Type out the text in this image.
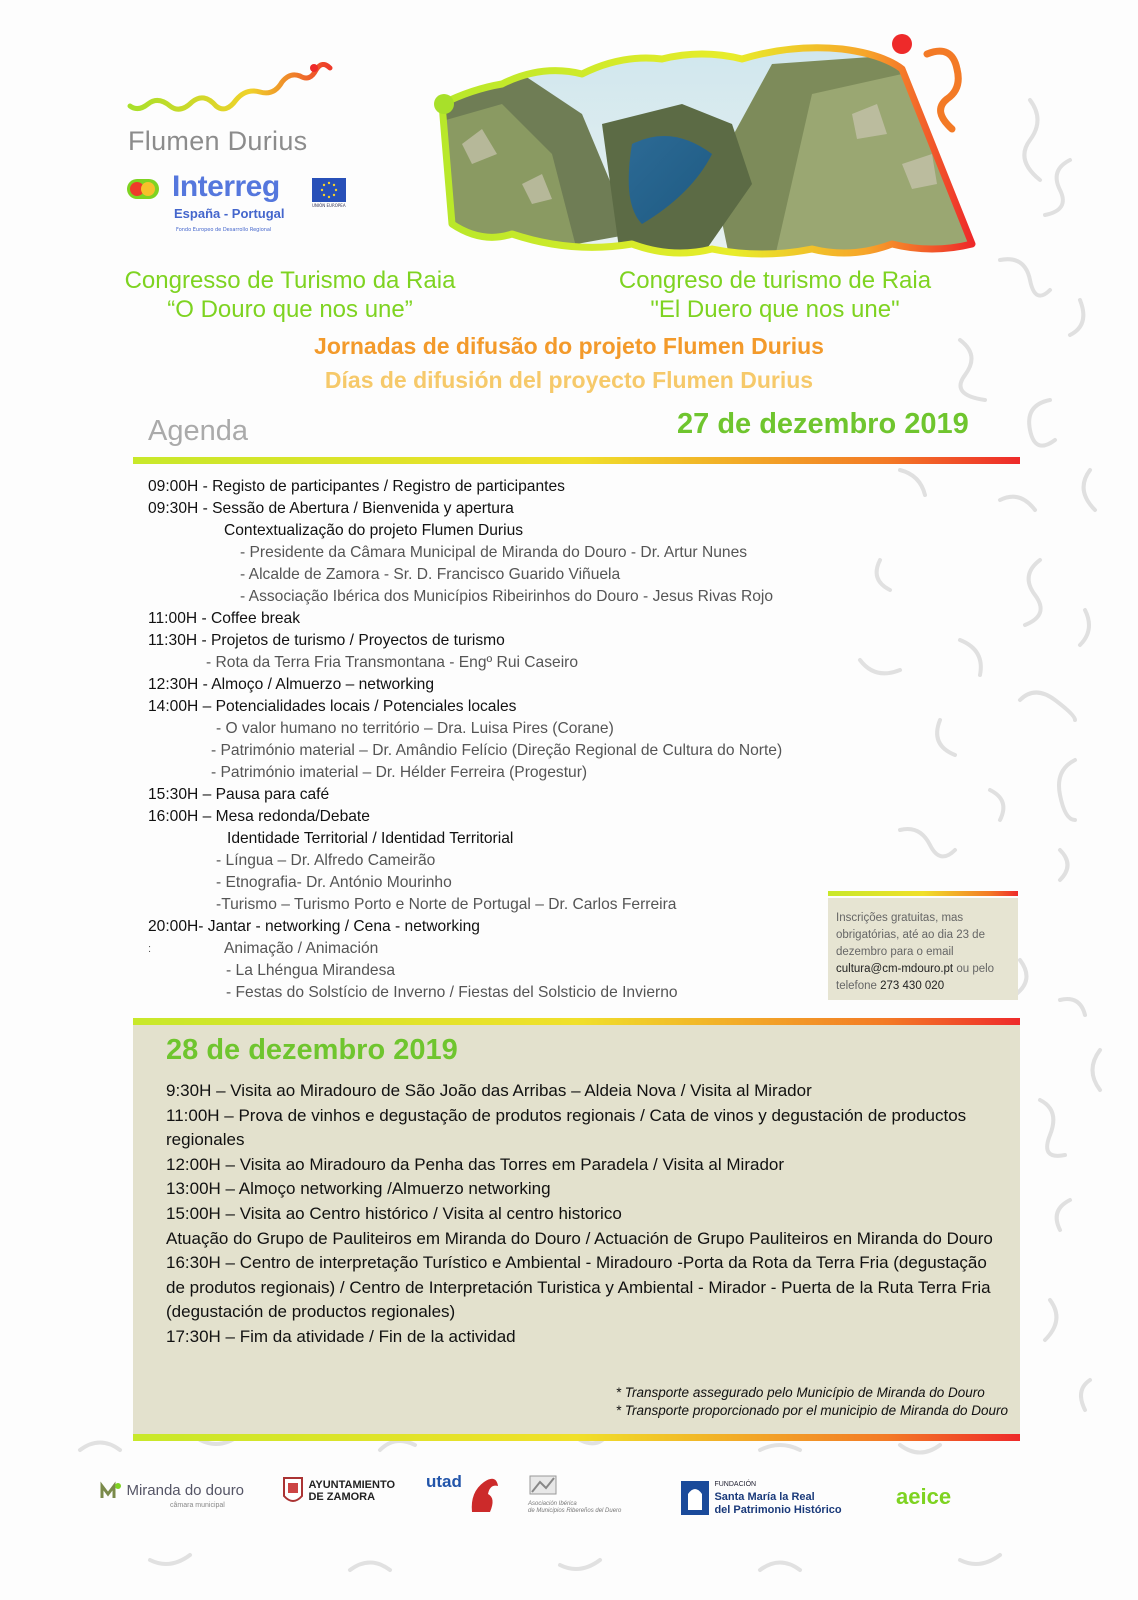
Flumen Durius
Interreg
España - Portugal
Fondo Europeo de Desarrollo Regional
UNIÓN EUROPEA
Congresso de Turismo da Raia
“O Douro que nos une”
Congreso de turismo de Raia
"El Duero que nos une"
Jornadas de difusão do projeto Flumen Durius
Días de difusión del proyecto Flumen Durius
Agenda	27 de dezembro 2019
09:00H - Registo de participantes / Registro de participantes
09:30H - Sessão de Abertura / Bienvenida y apertura
Contextualização do projeto Flumen Durius
- Presidente da Câmara Municipal de Miranda do Douro - Dr. Artur Nunes
- Alcalde de Zamora - Sr. D. Francisco Guarido Viñuela
- Associação Ibérica dos Municípios Ribeirinhos do Douro - Jesus Rivas Rojo
11:00H - Coffee break
11:30H - Projetos de turismo / Proyectos de turismo
- Rota da Terra Fria Transmontana - Engº Rui Caseiro
12:30H - Almoço / Almuerzo – networking
14:00H – Potencialidades locais / Potenciales locales
- O valor humano no território – Dra. Luisa Pires (Corane)
- Património material – Dr. Amândio Felício (Direção Regional de Cultura do Norte)
- Património imaterial – Dr. Hélder Ferreira (Progestur)
15:30H – Pausa para café
16:00H – Mesa redonda/Debate
Identidade Territorial / Identidad Territorial
- Língua – Dr. Alfredo Cameirão
- Etnografia- Dr. António Mourinho
-Turismo – Turismo Porto e Norte de Portugal – Dr. Carlos Ferreira
20:00H- Jantar - networking / Cena - networking
:	Animação / Animación
- La Lhéngua Mirandesa
- Festas do Solstício de Inverno / Fiestas del Solsticio de Invierno
Inscrições gratuitas, mas obrigatórias, até ao dia 23 de dezembro para o email cultura@cm-mdouro.pt ou pelo telefone 273 430 020
28 de dezembro 2019
9:30H – Visita ao Miradouro de São João das Arribas – Aldeia Nova / Visita al Mirador
11:00H – Prova de vinhos e degustação de produtos regionais / Cata de vinos y degustación de productos regionales
12:00H – Visita ao Miradouro da Penha das Torres em Paradela / Visita al Mirador
13:00H – Almoço networking /Almuerzo networking
15:00H – Visita ao Centro histórico / Visita al centro historico
Atuação do Grupo de Pauliteiros em Miranda do Douro / Actuación de Grupo Pauliteiros en Miranda do Douro
16:30H – Centro de interpretação Turístico e Ambiental - Miradouro -Porta da Rota da Terra Fria (degustação de produtos regionais) / Centro de Interpretación Turistica y Ambiental - Mirador - Puerta de la Ruta Terra Fria (degustación de productos regionales)
17:30H – Fim da atividade / Fin de la actividad
* Transporte assegurado pelo Município de Miranda do Douro
* Transporte proporcionado por el municipio de Miranda do Douro
Miranda do douro
câmara municipal

AYUNTAMIENTO
DE ZAMORA
utad
Asociación Ibérica
de Municipios Ribereños del Duero

FUNDACIÓN
Santa María la Real
del Patrimonio Histórico
aeice
